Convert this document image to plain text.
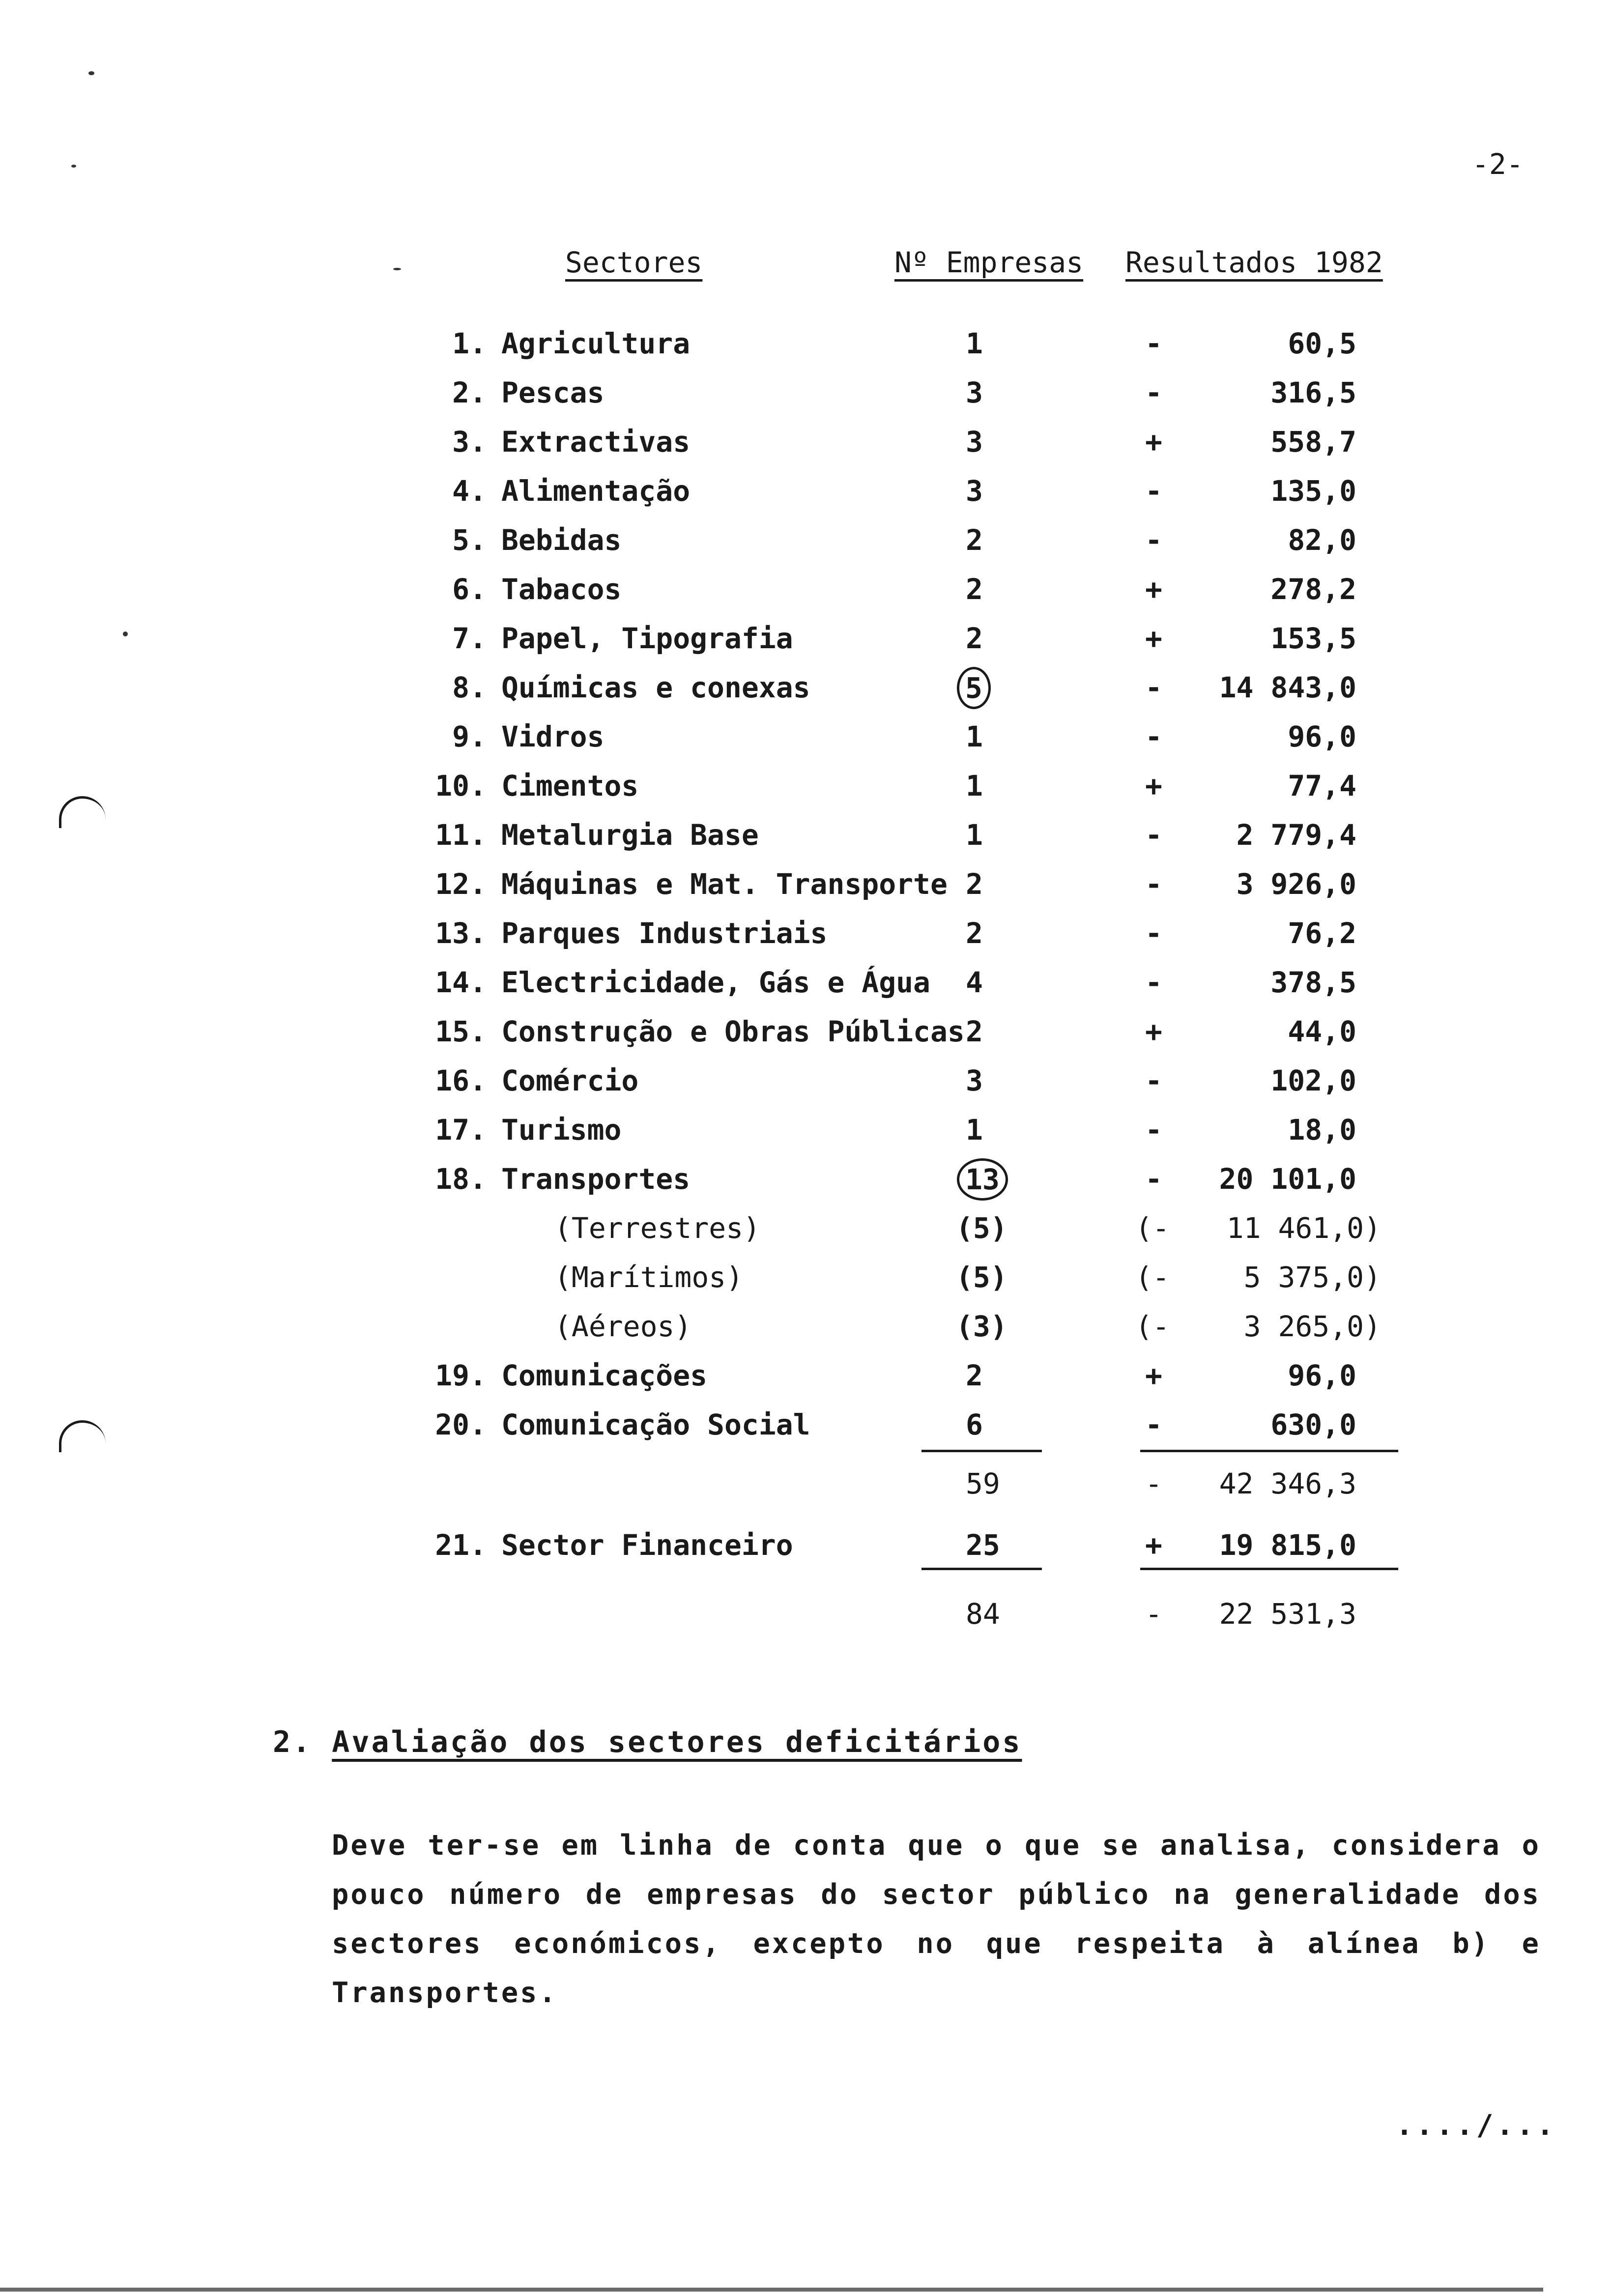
-2-
Sectores	Nº Empresas Resultados 1982
1. Agricultura	1	-	60,5
2. Pescas	3	-	316,5
3. Extractivas	3	+	558,7
4. Alimentação	3	-	135,0
5. Bebidas	2	-	82,0
6. Tabacos	2	+	278,2
7. Papel, Tipografia	2	+	153,5
8. Químicas e conexas	5	-	14 843,0
9. Vidros	1	-	96,0
10. Cimentos	1	+	77,4
11. Metalurgia Base	1	-	2 779,4
12. Máquinas e Mat. Transporte 2	-	3 926,0
13. Parques Industriais	2	-	76,2
14. Electricidade, Gás e Água 4	-	378,5
15. Construção e Obras Públicas 2	+	44,0
16. Comércio	3	-	102,0
17. Turismo	1	-	18,0
18. Transportes	13	-	20 101,0
(Terrestres)	(5)	(- 11 461,0)
(Marítimos)	(5)	(-	5 375,0)
(Aéreos)	(3)	(-	3 265,0)
19. Comunicações	2	+	96,0
20. Comunicação Social	6	-	630,0
59	-	42 346,3
21. Sector Financeiro	25	+	19 815,0
84	-	22 531,3
2. Avaliação dos sectores deficitários
Deve ter-se em linha de conta que o que se analisa, considera o pouco número de empresas do sector público na generalidade dos sectores económicos, excepto no que respeita à alínea b) e Transportes.
..../...
